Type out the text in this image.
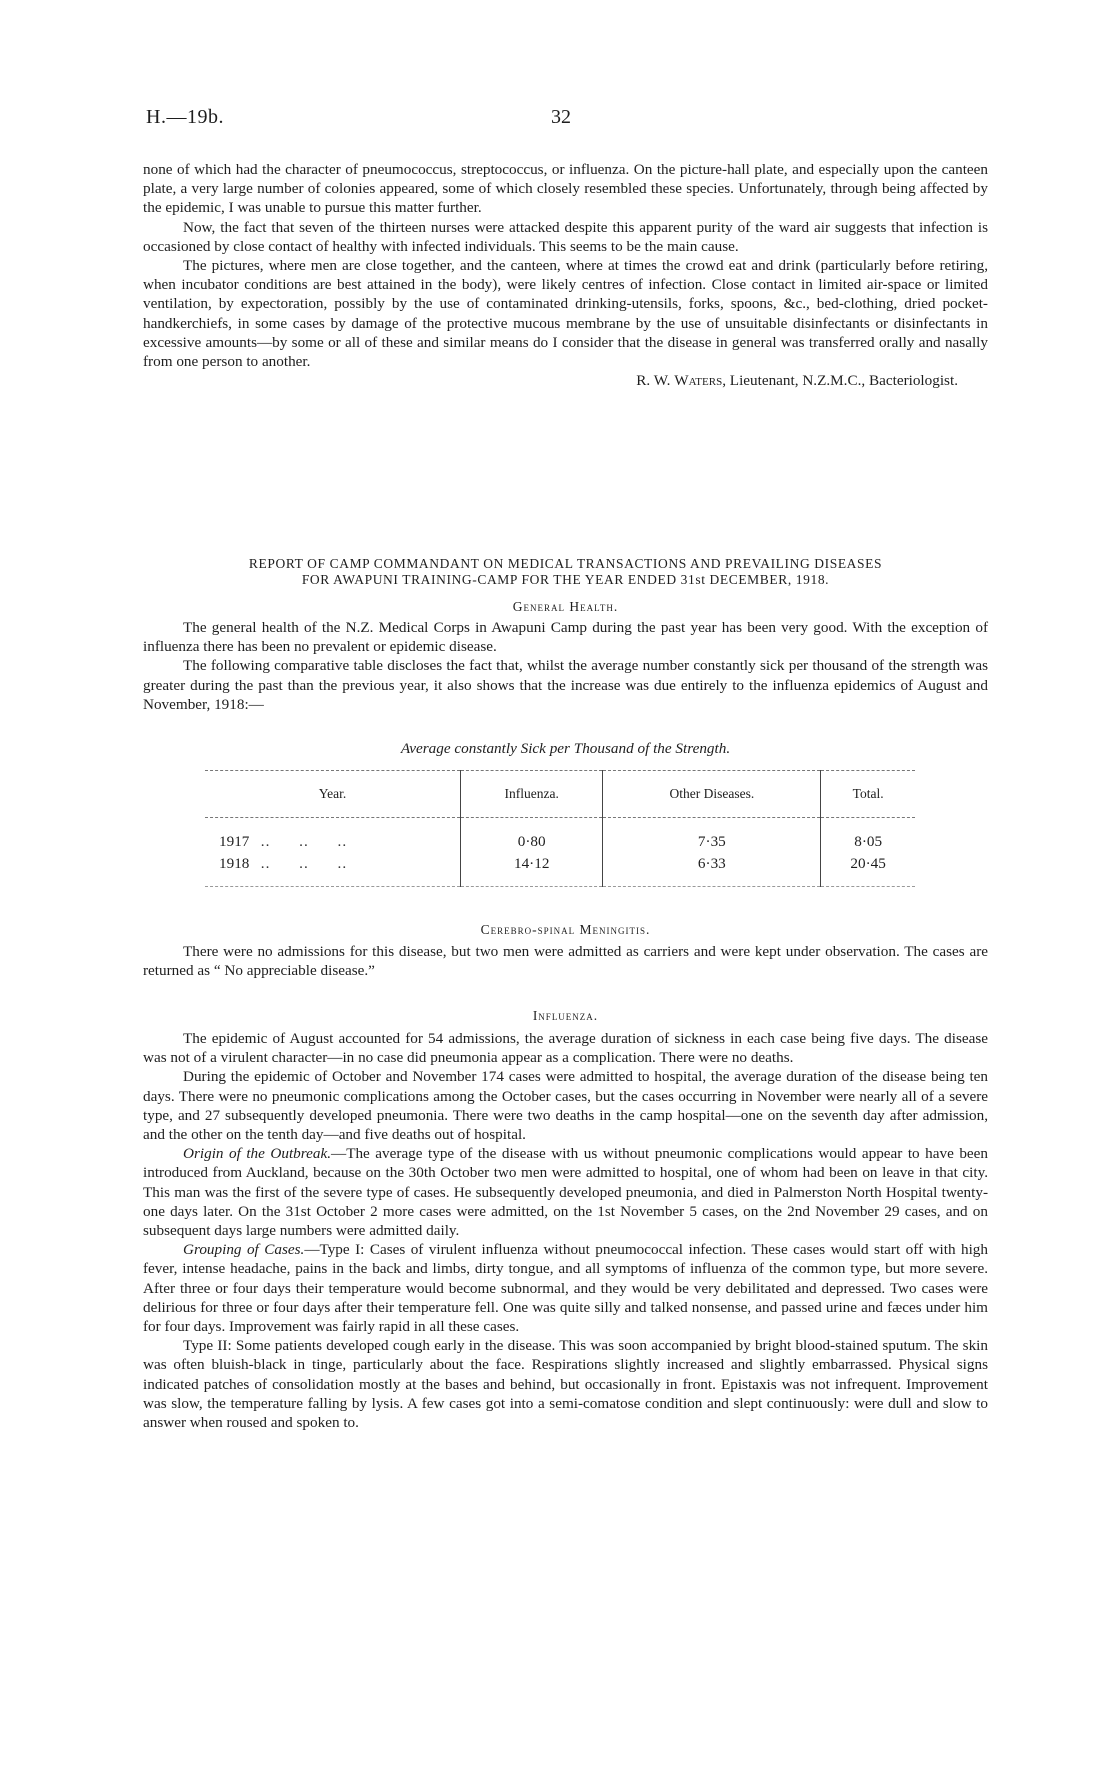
H.—19b.	32

none of which had the character of pneumococcus, streptococcus, or influenza. On the picture-hall plate, and especially upon the canteen plate, a very large number of colonies appeared, some of which closely resembled these species. Unfortunately, through being affected by the epidemic, I was unable to pursue this matter further.

Now, the fact that seven of the thirteen nurses were attacked despite this apparent purity of the ward air suggests that infection is occasioned by close contact of healthy with infected individuals. This seems to be the main cause.

The pictures, where men are close together, and the canteen, where at times the crowd eat and drink (particularly before retiring, when incubator conditions are best attained in the body), were likely centres of infection. Close contact in limited air-space or limited ventilation, by expectoration, possibly by the use of contaminated drinking-utensils, forks, spoons, &c., bed-clothing, dried pocket-handkerchiefs, in some cases by damage of the protective mucous membrane by the use of unsuitable disinfectants or disinfectants in excessive amounts—by some or all of these and similar means do I consider that the disease in general was transferred orally and nasally from one person to another.

R. W. Waters, Lieutenant, N.Z.M.C., Bacteriologist.

REPORT OF CAMP COMMANDANT ON MEDICAL TRANSACTIONS AND PREVAILING DISEASES
FOR AWAPUNI TRAINING-CAMP FOR THE YEAR ENDED 31st DECEMBER, 1918.

General Health.

The general health of the N.Z. Medical Corps in Awapuni Camp during the past year has been very good. With the exception of influenza there has been no prevalent or epidemic disease.

The following comparative table discloses the fact that, whilst the average number constantly sick per thousand of the strength was greater during the past than the previous year, it also shows that the increase was due entirely to the influenza epidemics of August and November, 1918:—

Average constantly Sick per Thousand of the Strength.
Year.	Influenza.	Other Diseases.	Total.
1917 ..      ..      ..	0·80	7·35	8·05
1918 ..      ..      ..	14·12	6·33	20·45

Cerebro-spinal Meningitis.

There were no admissions for this disease, but two men were admitted as carriers and were kept under observation. The cases are returned as “ No appreciable disease.”

Influenza.

The epidemic of August accounted for 54 admissions, the average duration of sickness in each case being five days. The disease was not of a virulent character—in no case did pneumonia appear as a complication. There were no deaths.

During the epidemic of October and November 174 cases were admitted to hospital, the average duration of the disease being ten days. There were no pneumonic complications among the October cases, but the cases occurring in November were nearly all of a severe type, and 27 subsequently developed pneumonia. There were two deaths in the camp hospital—one on the seventh day after admission, and the other on the tenth day—and five deaths out of hospital.

Origin of the Outbreak.—The average type of the disease with us without pneumonic complications would appear to have been introduced from Auckland, because on the 30th October two men were admitted to hospital, one of whom had been on leave in that city. This man was the first of the severe type of cases. He subsequently developed pneumonia, and died in Palmerston North Hospital twenty-one days later. On the 31st October 2 more cases were admitted, on the 1st November 5 cases, on the 2nd November 29 cases, and on subsequent days large numbers were admitted daily.

Grouping of Cases.—Type I: Cases of virulent influenza without pneumococcal infection. These cases would start off with high fever, intense headache, pains in the back and limbs, dirty tongue, and all symptoms of influenza of the common type, but more severe. After three or four days their temperature would become subnormal, and they would be very debilitated and depressed. Two cases were delirious for three or four days after their temperature fell. One was quite silly and talked nonsense, and passed urine and fæces under him for four days. Improvement was fairly rapid in all these cases.

Type II: Some patients developed cough early in the disease. This was soon accompanied by bright blood-stained sputum. The skin was often bluish-black in tinge, particularly about the face. Respirations slightly increased and slightly embarrassed. Physical signs indicated patches of consolidation mostly at the bases and behind, but occasionally in front. Epistaxis was not infrequent. Improvement was slow, the temperature falling by lysis. A few cases got into a semi-comatose condition and slept continuously: were dull and slow to answer when roused and spoken to.
